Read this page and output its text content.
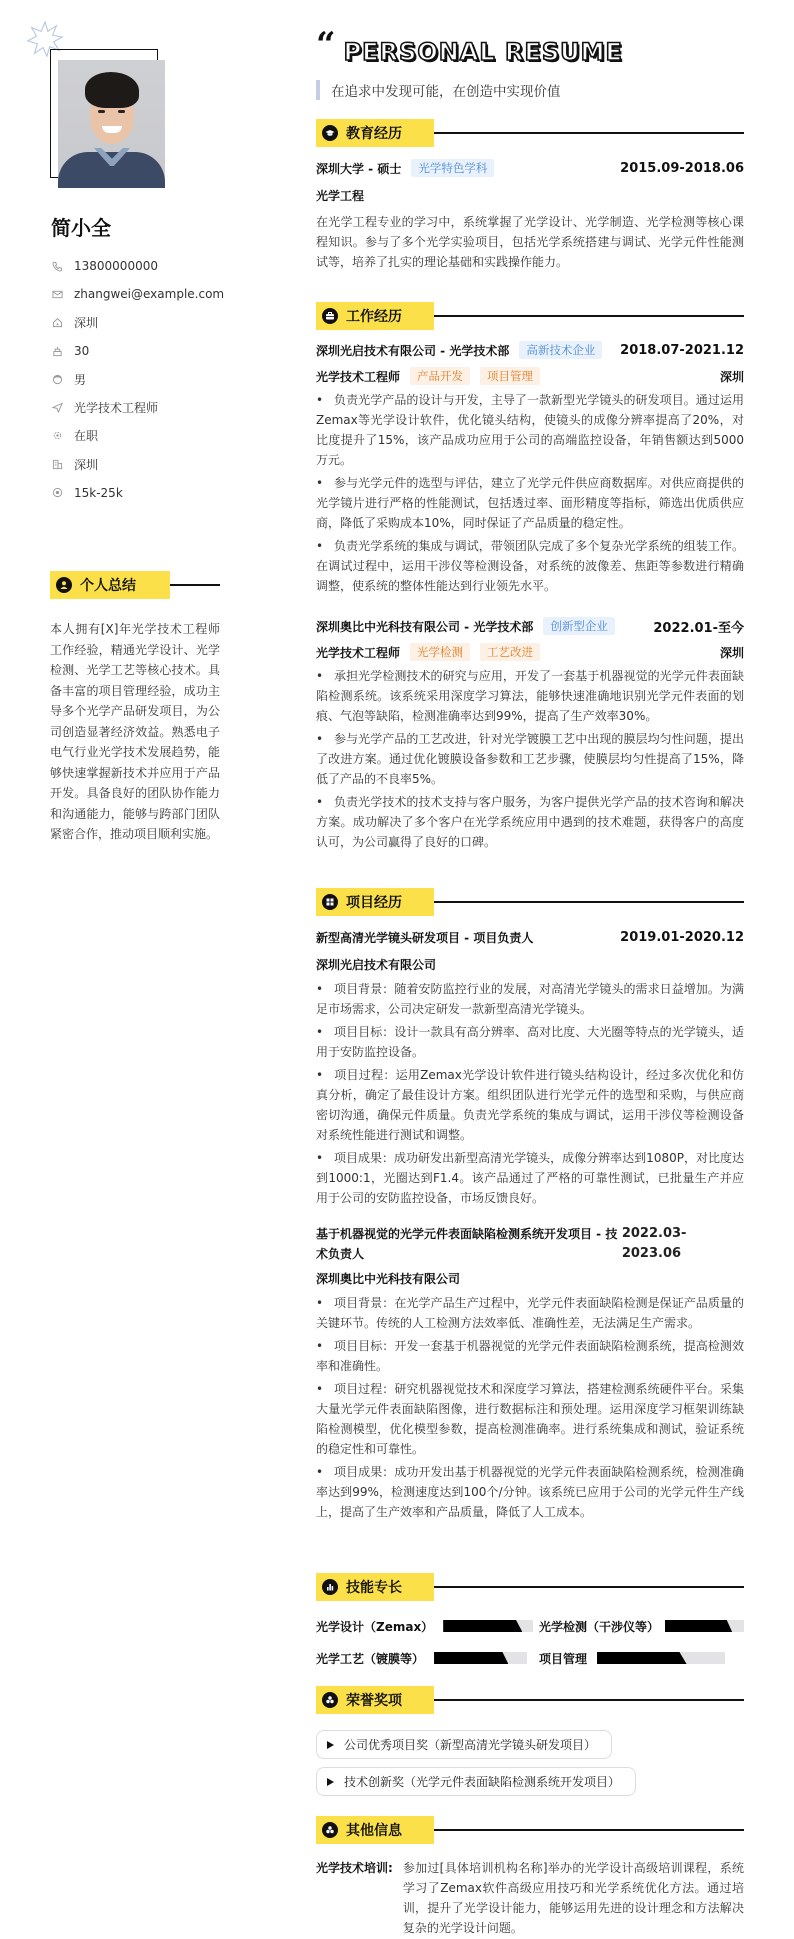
简小全
13800000000
zhangwei@example.com
深圳
30
男
光学技术工程师
在职
深圳
15k-25k
个人总结
本人拥有[X]年光学技术工程师工作经验，精通光学设计、光学检测、光学工艺等核心技术。具备丰富的项目管理经验，成功主导多个光学产品研发项目，为公司创造显著经济效益。熟悉电子电气行业光学技术发展趋势，能够快速掌握新技术并应用于产品开发。具备良好的团队协作能力和沟通能力，能够与跨部门团队紧密合作，推动项目顺利实施。
“ PERSONAL RESUME
在追求中发现可能，在创造中实现价值
教育经历
深圳大学 - 硕士	光学特色学科	2015.09-2018.06
光学工程
在光学工程专业的学习中，系统掌握了光学设计、光学制造、光学检测等核心课程知识。参与了多个光学实验项目，包括光学系统搭建与调试、光学元件性能测试等，培养了扎实的理论基础和实践操作能力。
工作经历
深圳光启技术有限公司 - 光学技术部	高新技术企业	2018.07-2021.12
光学技术工程师	产品开发	项目管理	深圳
• 负责光学产品的设计与开发，主导了一款新型光学镜头的研发项目。通过运用Zemax等光学设计软件，优化镜头结构，使镜头的成像分辨率提高了20%，对比度提升了15%，该产品成功应用于公司的高端监控设备，年销售额达到5000万元。
• 参与光学元件的选型与评估，建立了光学元件供应商数据库。对供应商提供的光学镜片进行严格的性能测试，包括透过率、面形精度等指标，筛选出优质供应商，降低了采购成本10%，同时保证了产品质量的稳定性。
• 负责光学系统的集成与调试，带领团队完成了多个复杂光学系统的组装工作。在调试过程中，运用干涉仪等检测设备，对系统的波像差、焦距等参数进行精确调整，使系统的整体性能达到行业领先水平。
深圳奥比中光科技有限公司 - 光学技术部	创新型企业	2022.01-至今
光学技术工程师	光学检测	工艺改进	深圳
• 承担光学检测技术的研究与应用，开发了一套基于机器视觉的光学元件表面缺陷检测系统。该系统采用深度学习算法，能够快速准确地识别光学元件表面的划痕、气泡等缺陷，检测准确率达到99%，提高了生产效率30%。
• 参与光学产品的工艺改进，针对光学镀膜工艺中出现的膜层均匀性问题，提出了改进方案。通过优化镀膜设备参数和工艺步骤，使膜层均匀性提高了15%，降低了产品的不良率5%。
• 负责光学技术的技术支持与客户服务，为客户提供光学产品的技术咨询和解决方案。成功解决了多个客户在光学系统应用中遇到的技术难题，获得客户的高度认可，为公司赢得了良好的口碑。
项目经历
新型高清光学镜头研发项目 - 项目负责人	2019.01-2020.12
深圳光启技术有限公司
• 项目背景：随着安防监控行业的发展，对高清光学镜头的需求日益增加。为满足市场需求，公司决定研发一款新型高清光学镜头。
• 项目目标：设计一款具有高分辨率、高对比度、大光圈等特点的光学镜头，适用于安防监控设备。
• 项目过程：运用Zemax光学设计软件进行镜头结构设计，经过多次优化和仿真分析，确定了最佳设计方案。组织团队进行光学元件的选型和采购，与供应商密切沟通，确保元件质量。负责光学系统的集成与调试，运用干涉仪等检测设备对系统性能进行测试和调整。
• 项目成果：成功研发出新型高清光学镜头，成像分辨率达到1080P，对比度达到1000:1，光圈达到F1.4。该产品通过了严格的可靠性测试，已批量生产并应用于公司的安防监控设备，市场反馈良好。
基于机器视觉的光学元件表面缺陷检测系统开发项目 - 技术负责人
2022.03-2023.06
深圳奥比中光科技有限公司
• 项目背景：在光学产品生产过程中，光学元件表面缺陷检测是保证产品质量的关键环节。传统的人工检测方法效率低、准确性差，无法满足生产需求。
• 项目目标：开发一套基于机器视觉的光学元件表面缺陷检测系统，提高检测效率和准确性。
• 项目过程：研究机器视觉技术和深度学习算法，搭建检测系统硬件平台。采集大量光学元件表面缺陷图像，进行数据标注和预处理。运用深度学习框架训练缺陷检测模型，优化模型参数，提高检测准确率。进行系统集成和测试，验证系统的稳定性和可靠性。
• 项目成果：成功开发出基于机器视觉的光学元件表面缺陷检测系统，检测准确率达到99%，检测速度达到100个/分钟。该系统已应用于公司的光学元件生产线上，提高了生产效率和产品质量，降低了人工成本。
技能专长
光学设计（Zemax）	光学检测（干涉仪等）
光学工艺（镀膜等）	项目管理
荣誉奖项
公司优秀项目奖（新型高清光学镜头研发项目）
技术创新奖（光学元件表面缺陷检测系统开发项目）
其他信息
光学技术培训: 参加过[具体培训机构名称]举办的光学设计高级培训课程，系统学习了Zemax软件高级应用技巧和光学系统优化方法。通过培训，提升了光学设计能力，能够运用先进的设计理念和方法解决复杂的光学设计问题。
